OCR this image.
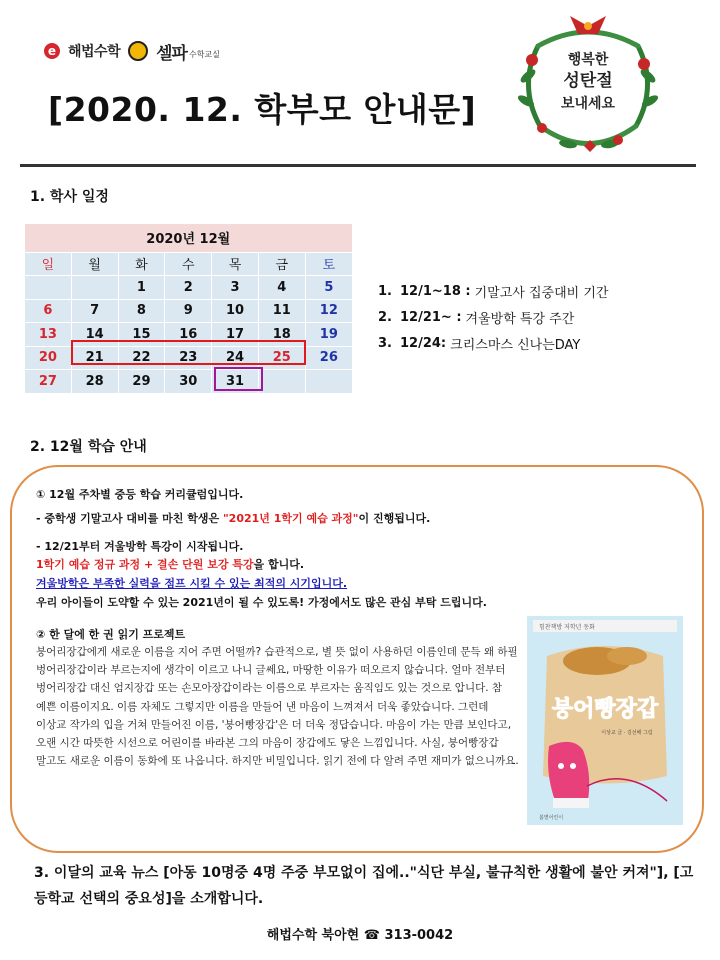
e 해법수학 셀파 수학교실
[2020. 12. 학부모 안내문]
행복한
성탄절
보내세요
1. 학사 일정
2020년 12월						
일	월	화	수	목	금	토
		1	2	3	4	5
6	7	8	9	10	11	12
13	14	15	16	17	18	19
20	21	22	23	24	25	26
27	28	29	30	31		
1. 12/1~18 : 기말고사 집중대비 기간
2. 12/21~ : 겨울방학 특강 주간
3. 12/24: 크리스마스 신나는DAY
2. 12월 학습 안내
① 12월 주차별 중등 학습 커리큘럼입니다.
- 중학생 기말고사 대비를 마친 학생은 "2021년 1학기 예습 과정"이 진행됩니다.
- 12/21부터 겨울방학 특강이 시작됩니다.
1학기 예습 정규 과정 + 결손 단원 보강 특강을 합니다.
겨울방학은 부족한 실력을 점프 시킬 수 있는 최적의 시기입니다.
우리 아이들이 도약할 수 있는 2021년이 될 수 있도록! 가정에서도 많은 관심 부탁 드립니다.
② 한 달에 한 권 읽기 프로젝트
붕어리장갑에게 새로운 이름을 지어 주면 어떨까? 습관적으로, 별 뜻 없이 사용하던 이름인데 문득 왜 하필 벙어리장갑이라 부르는지에 생각이 이르고 나니 글쎄요, 마땅한 이유가 떠오르지 않습니다. 얼마 전부터 벙어리장갑 대신 엄지장갑 또는 손모아장갑이라는 이름으로 부르자는 움직임도 있는 것으로 압니다. 참 예쁜 이름이지요. 이름 자체도 그렇지만 이름을 만들어 낸 마음이 느껴져서 더욱 좋았습니다. 그런데 이상교 작가의 입을 거쳐 만들어진 이름, '붕어빵장갑'은 더 더욱 정답습니다. 마음이 가는 만큼 보인다고, 오랜 시간 따뜻한 시선으로 어린이를 바라본 그의 마음이 장갑에도 닿은 느낌입니다. 사실, 붕어빵장갑 말고도 새로운 이름이 동화에 또 나옵니다. 하지만 비밀입니다. 읽기 전에 다 알려 주면 재미가 없으니까요.
힘찬책방 저학년 동화
붕어빵장갑
이상교 글 · 김선배 그림
봄볕어린이
3. 이달의 교육 뉴스 [아동 10명중 4명 주중 부모없이 집에.."식단 부실, 불규칙한 생활에 불안 커져"], [고등학교 선택의 중요성]을 소개합니다.
해법수학 북아현 ☎ 313-0042
